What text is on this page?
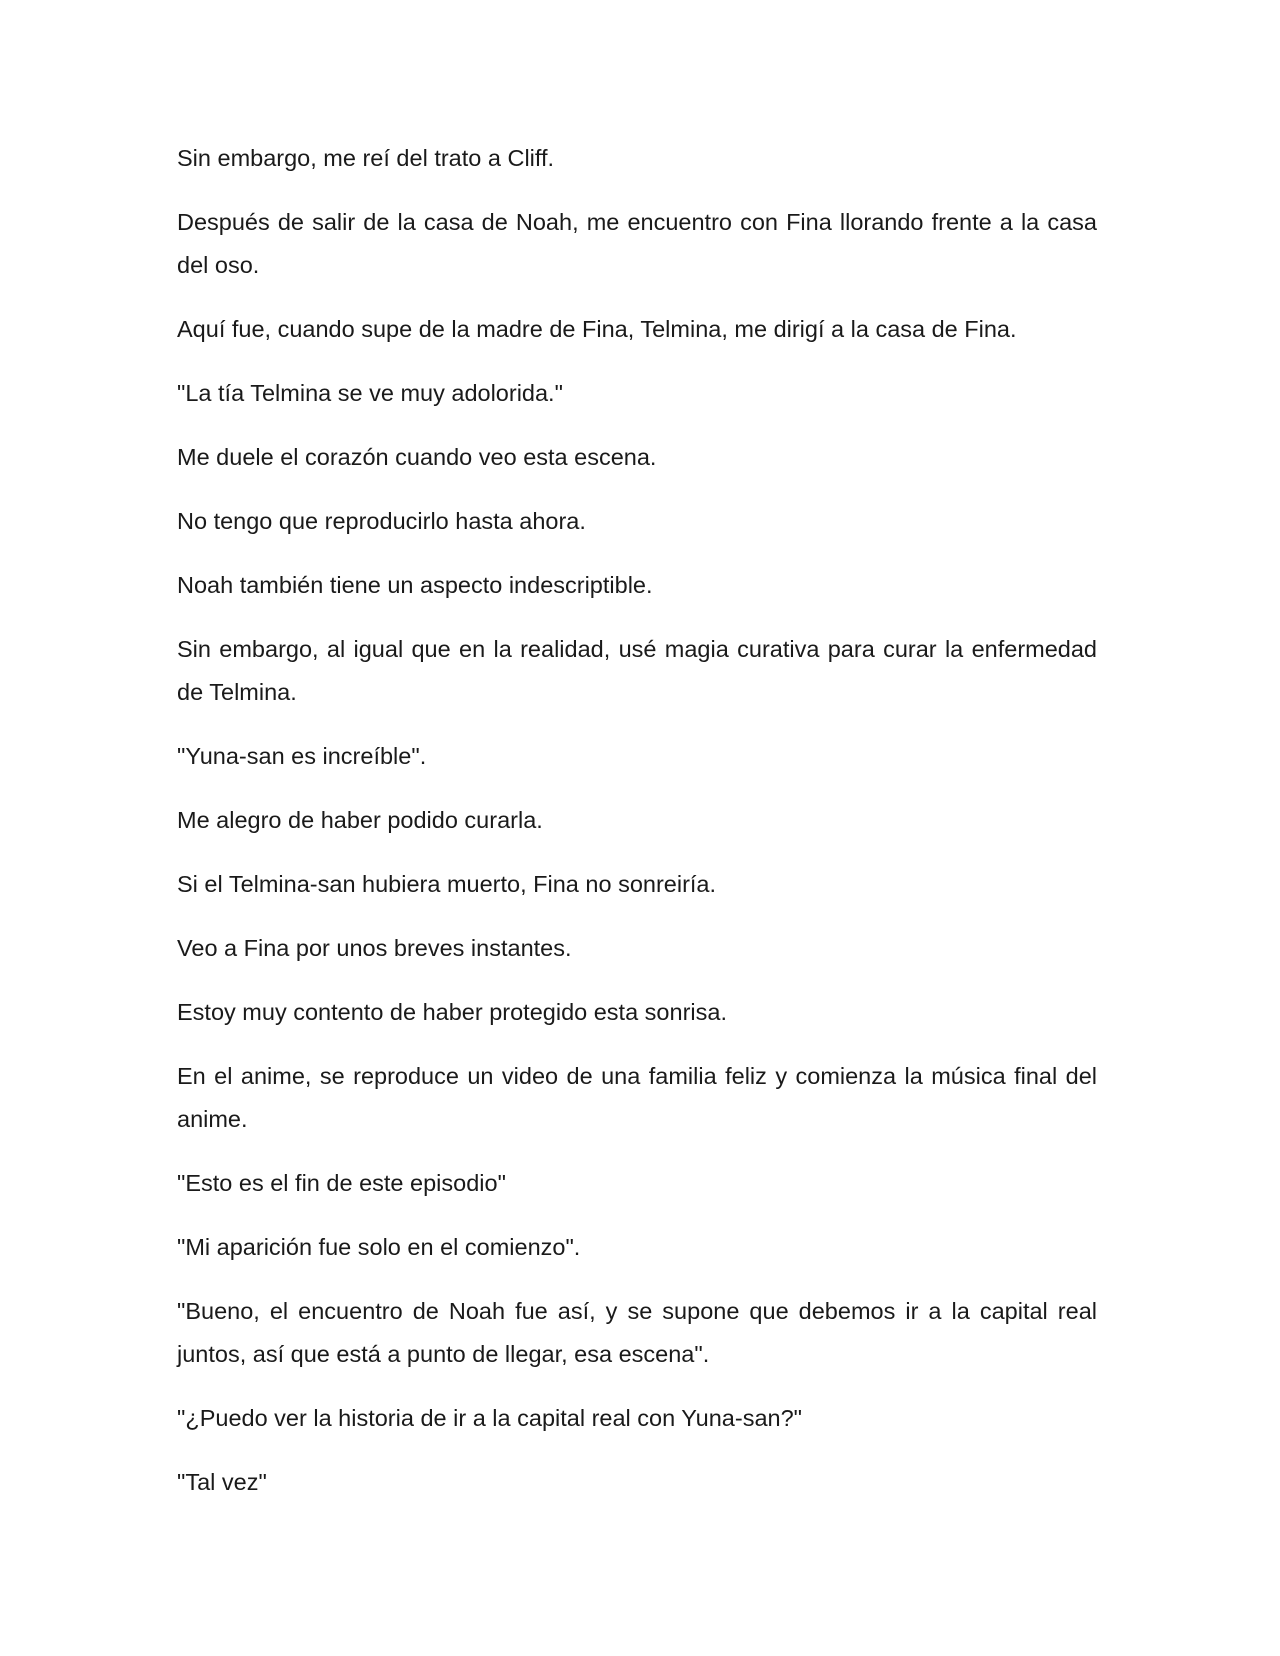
Sin embargo, me reí del trato a Cliff.

Después de salir de la casa de Noah, me encuentro con Fina llorando frente a la casa del oso.

Aquí fue, cuando supe de la madre de Fina, Telmina, me dirigí a la casa de Fina.

"La tía Telmina se ve muy adolorida."

Me duele el corazón cuando veo esta escena.

No tengo que reproducirlo hasta ahora.

Noah también tiene un aspecto indescriptible.

Sin embargo, al igual que en la realidad, usé magia curativa para curar la enfermedad de Telmina.

"Yuna-san es increíble".

Me alegro de haber podido curarla.

Si el Telmina-san hubiera muerto, Fina no sonreiría.

Veo a Fina por unos breves instantes.

Estoy muy contento de haber protegido esta sonrisa.

En el anime, se reproduce un video de una familia feliz y comienza la música final del anime.

"Esto es el fin de este episodio"

"Mi aparición fue solo en el comienzo".

"Bueno, el encuentro de Noah fue así, y se supone que debemos ir a la capital real juntos, así que está a punto de llegar, esa escena".

"¿Puedo ver la historia de ir a la capital real con Yuna-san?"

"Tal vez"
